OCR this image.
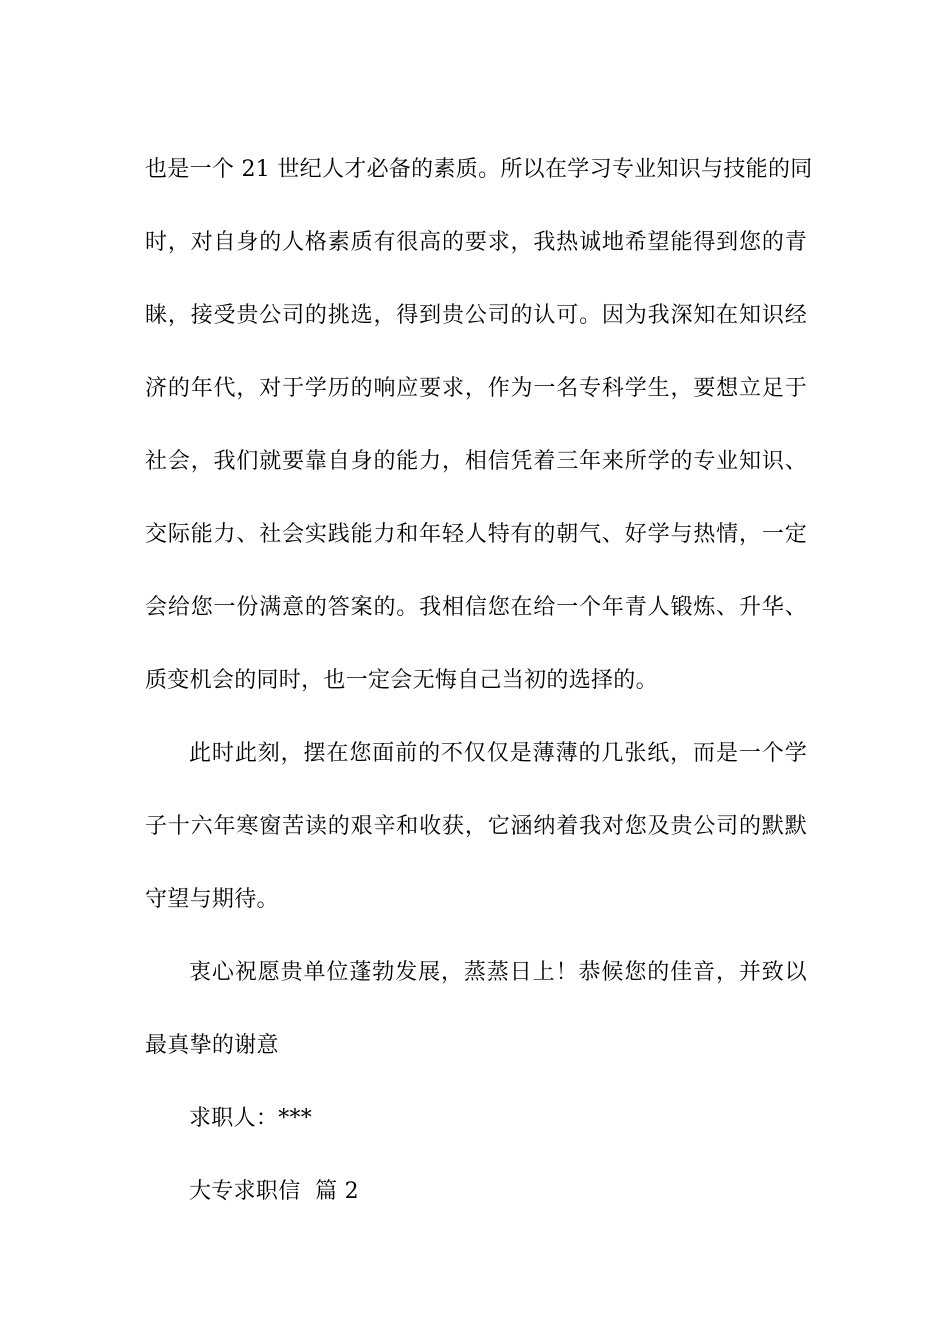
也是一个 21 世纪人才必备的素质。所以在学习专业知识与技能的同
时，对自身的人格素质有很高的要求，我热诚地希望能得到您的青
睐，接受贵公司的挑选，得到贵公司的认可。因为我深知在知识经
济的年代，对于学历的响应要求，作为一名专科学生，要想立足于
社会，我们就要靠自身的能力，相信凭着三年来所学的专业知识、
交际能力、社会实践能力和年轻人特有的朝气、好学与热情，一定
会给您一份满意的答案的。我相信您在给一个年青人锻炼、升华、
质变机会的同时，也一定会无悔自己当初的选择的。

此时此刻，摆在您面前的不仅仅是薄薄的几张纸，而是一个学
子十六年寒窗苦读的艰辛和收获，它涵纳着我对您及贵公司的默默
守望与期待。

衷心祝愿贵单位蓬勃发展，蒸蒸日上！恭候您的佳音，并致以
最真挚的谢意

求职人：***

大专求职信  篇 2
